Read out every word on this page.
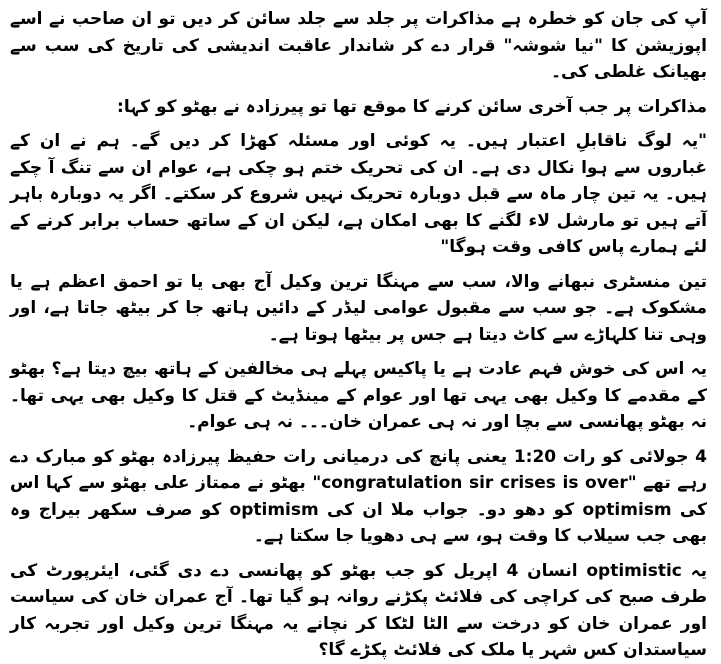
آپ کی جان کو خطرہ ہے مذاکرات پر جلد سے جلد سائن کر دیں تو ان صاحب نے اسے اپوزیشن کا "نیا شوشہ" قرار دے کر شاندار عاقبت اندیشی کی تاریخ کی سب سے بھیانک غلطی کی۔

مذاکرات پر جب آخری سائن کرنے کا موقع تھا تو پیرزادہ نے بھٹو کو کہا:

"یہ لوگ ناقابلِ اعتبار ہیں۔ یہ کوئی اور مسئلہ کھڑا کر دیں گے۔ ہم نے ان کے غباروں سے ہوا نکال دی ہے۔ ان کی تحریک ختم ہو چکی ہے، عوام ان سے تنگ آ چکے ہیں۔ یہ تین چار ماہ سے قبل دوبارہ تحریک نہیں شروع کر سکتے۔ اگر یہ دوبارہ باہر آتے ہیں تو مارشل لاء لگنے کا بھی امکان ہے، لیکن ان کے ساتھ حساب برابر کرنے کے لئے ہمارے پاس کافی وقت ہوگا"

تین منسٹری نبھانے والا، سب سے مہنگا ترین وکیل آج بھی یا تو احمق اعظم ہے یا مشکوک ہے۔ جو سب سے مقبول عوامی لیڈر کے دائیں ہاتھ جا کر بیٹھ جاتا ہے، اور وہی تنا کلہاڑے سے کاٹ دیتا ہے جس پر بیٹھا ہوتا ہے۔

یہ اس کی خوش فہم عادت ہے یا پاکیس پہلے ہی مخالفین کے ہاتھ بیچ دیتا ہے؟ بھٹو کے مقدمے کا وکیل بھی یہی تھا اور عوام کے مینڈیٹ کے قتل کا وکیل بھی یہی تھا۔ نہ بھٹو پھانسی سے بچا اور نہ ہی عمران خان۔۔۔ نہ ہی عوام۔

4 جولائی کو رات 1:20 یعنی پانچ کی درمیانی رات حفیظ پیرزادہ بھٹو کو مبارک دے رہے تھے "congratulation sir crises is over" بھٹو نے ممتاز علی بھٹو سے کہا اس کی optimism کو دھو دو۔ جواب ملا ان کی optimism کو صرف سکھر بیراج وہ بھی جب سیلاب کا وقت ہو، سے ہی دھویا جا سکتا ہے۔

یہ optimistic انسان 4 اپریل کو جب بھٹو کو پھانسی دے دی گئی، ایئرپورٹ کی طرف صبح کی کراچی کی فلائٹ پکڑنے روانہ ہو گیا تھا۔ آج عمران خان کی سیاست اور عمران خان کو درخت سے الٹا لٹکا کر نچانے یہ مہنگا ترین وکیل اور تجربہ کار سیاستدان کس شہر یا ملک کی فلائٹ پکڑے گا؟
